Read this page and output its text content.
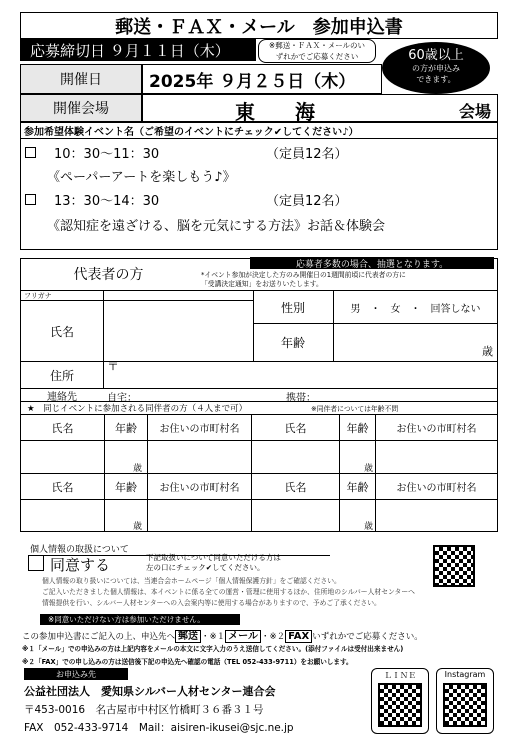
郵送・ＦＡＸ・メール　参加申込書
応募締切日 ９月１１日（木）	※郵送・ＦＡＸ・メールのい
ずれかでご応募ください	60歳以上
の方が申込み
できます。
開催日	2025年 ９月２５日（木）
開催会場	東　　海	会場
参加希望体験イベント名（ご希望のイベントにチェック✔してください♪）
10：30〜11：30	（定員12名）
《ペーパーアートを楽しもう♪》
13：30〜14：30	（定員12名）
《認知症を遠ざける、脳を元気にする方法》お話＆体験会
応募者多数の場合、抽選となります。
代表者の方	*イベント参加が決定した方のみ開催日の1週間前頃に代表者の方に
「受講決定通知」をお送りいたします。
フリガナ
氏名
性別	男　・　女　・　回答しない
年齢
歳
住所
〒
連絡先	自宅：	携帯：
★　同じイベントに参加される同伴者の方（４人まで可）	※同伴者については年齢不問
氏名	年齢	お住いの市町村名	氏名	年齢	お住いの市町村名
歳	歳
氏名	年齢	お住いの市町村名	氏名	年齢	お住いの市町村名
歳	歳
個人情報の取扱について
同意する	下記取扱いについて同意いただける方は
左の口にチェック✔してください。
個人情報の取り扱いについては、当連合会ホームページ「個人情報保護方針」をご確認ください。
ご記入いただきました個人情報は、本イベントに係る全ての運営・管理に使用するほか、住所地のシルバー人材センターへ
情報提供を行い、シルバー人材センターへの入会案内等に使用する場合がありますので、予めご了承ください。
※同意いただけない方は参加いただけません。
この参加申込書にご記入の上、申込先へ 郵送 ・※１ メール ・※２ FAX いずれかでご応募ください。
※１「メール」での申込みの方は上記内容をメールの本文に文字入力のうえ送信してください。(添付ファイルは受付出来ません)
※２「FAX」での申し込みの方は送信後下記の申込先へ確認の電話（TEL 052-433-9711）をお願いします。
お申込み先
公益社団法人　愛知県シルバー人材センター連合会
〒453-0016　名古屋市中村区竹橋町３６番３１号
FAX　052-433-9714　Mail：aisiren-ikusei@sjc.ne.jp
ＬＩＮＥ	Instagram
